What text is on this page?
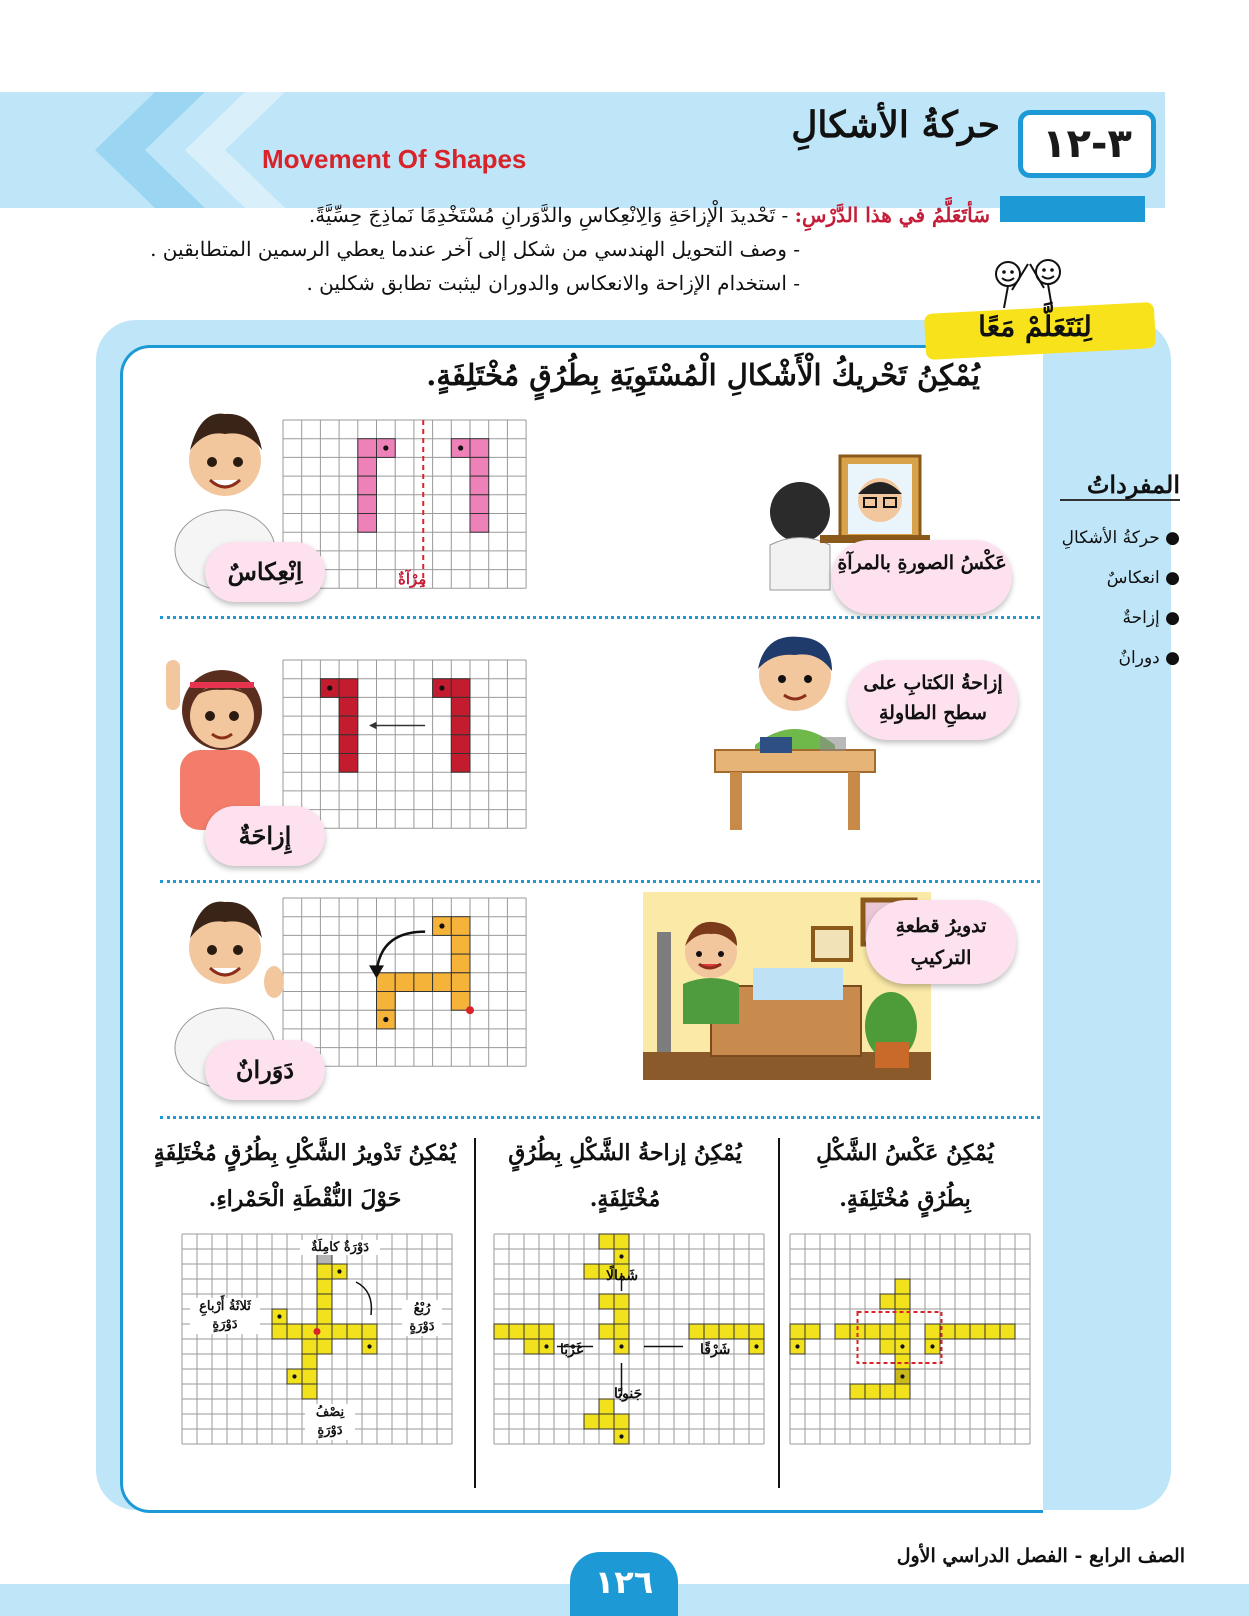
٣-١٢
حركةُ الأشكالِ
Movement Of Shapes
سَأتَعَلَّمُ في هذا الدَّرْسِ: - تَحْديدَ الْإزاحَةِ وَالِانْعِكاسِ والدَّوَرانِ مُسْتَخْدِمًا نَماذِجَ حِسِّيَّةً.
- وصف التحويل الهندسي من شكل إلى آخر عندما يعطي الرسمين المتطابقين .
- استخدام الإزاحة والانعكاس والدوران ليثبت تطابق شكلين .
لِنَتَعَلَّمْ مَعًا
يُمْكِنُ تَحْريكُ الْأَشْكالِ الْمُسْتَوِيَةِ بِطُرُقٍ مُخْتَلِفَةٍ.
المفرداتُ
● حركةُ الأشكالِ
● انعكاسٌ
● إزاحةٌ
● دورانٌ
مِرْآةٌ
اِنْعِكاسٌ	عَكْسُ الصورةِ بالمرآةِ
إِزاحَةٌ
إزاحةُ الكتابِ على سطحِ الطاولةِ
دَوَرانٌ
تدويرُ قطعةِ التركيبِ
يُمْكِنُ عَكْسُ الشَّكْلِ بِطُرُقٍ مُخْتَلِفَةٍ.
يُمْكِنُ إزاحةُ الشَّكْلِ بِطُرُقٍ مُخْتَلِفَةٍ.
يُمْكِنُ تَدْويرُ الشَّكْلِ بِطُرُقٍ مُخْتَلِفَةٍ حَوْلَ النُّقْطَةِ الْحَمْراءِ.
شَمالًا
جَنوبًا
شَرْقًا
غَرْبًا
دَوْرَةٌ كامِلَةٌ
ثَلاثَةُ أَرْباعِ دَوْرَةٍ
رُبْعُ دَوْرَةٍ
نِصْفُ دَوْرَةٍ
١٢٦
الصف الرابع - الفصل الدراسي الأول
